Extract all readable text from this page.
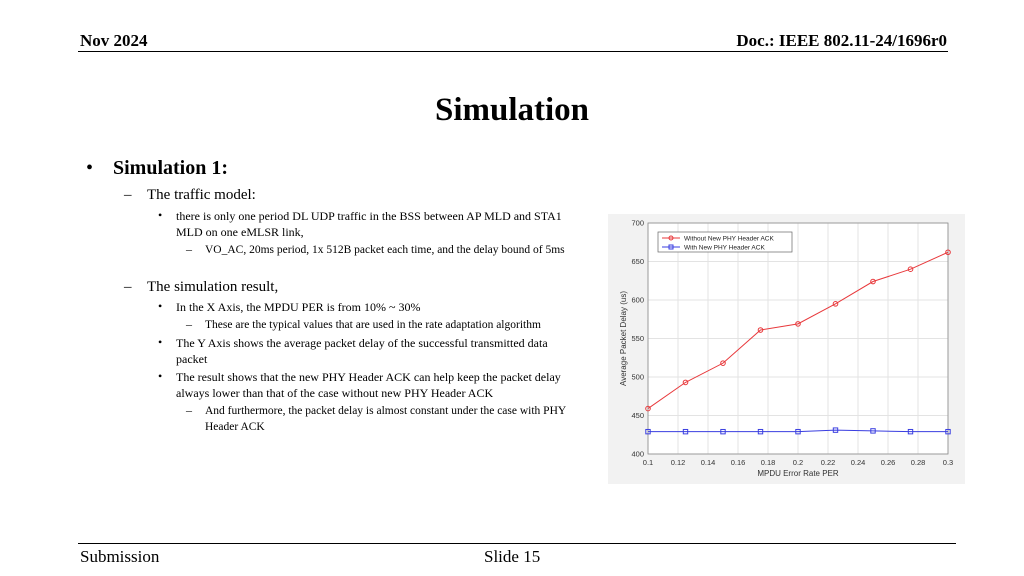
Nov 2024	Doc.: IEEE 802.11-24/1696r0
Simulation
• Simulation 1:
– The traffic model:
• there is only one period DL UDP traffic in the BSS between AP MLD and STA1 MLD on one eMLSR link,
– VO_AC, 20ms period, 1x 512B packet each time, and the delay bound of 5ms
– The simulation result,
• In the X Axis, the MPDU PER is from 10% ~ 30%
– These are the typical values that are used in the rate adaptation algorithm
• The Y Axis shows the average packet delay of the successful transmitted data packet
• The result shows that the new PHY Header ACK can help keep the packet delay always lower than that of the case without new PHY Header ACK
– And furthermore, the packet delay is almost constant under the case with PHY Header ACK
0.1 0.12 0.14 0.16 0.18 0.2 0.22 0.24 0.26 0.28 0.3
400
450
500
550
600
650
700
MPDU Error Rate PER
Average Packet Delay (us)
Without New PHY Header ACK
With New PHY Header ACK
Submission	Slide 15
